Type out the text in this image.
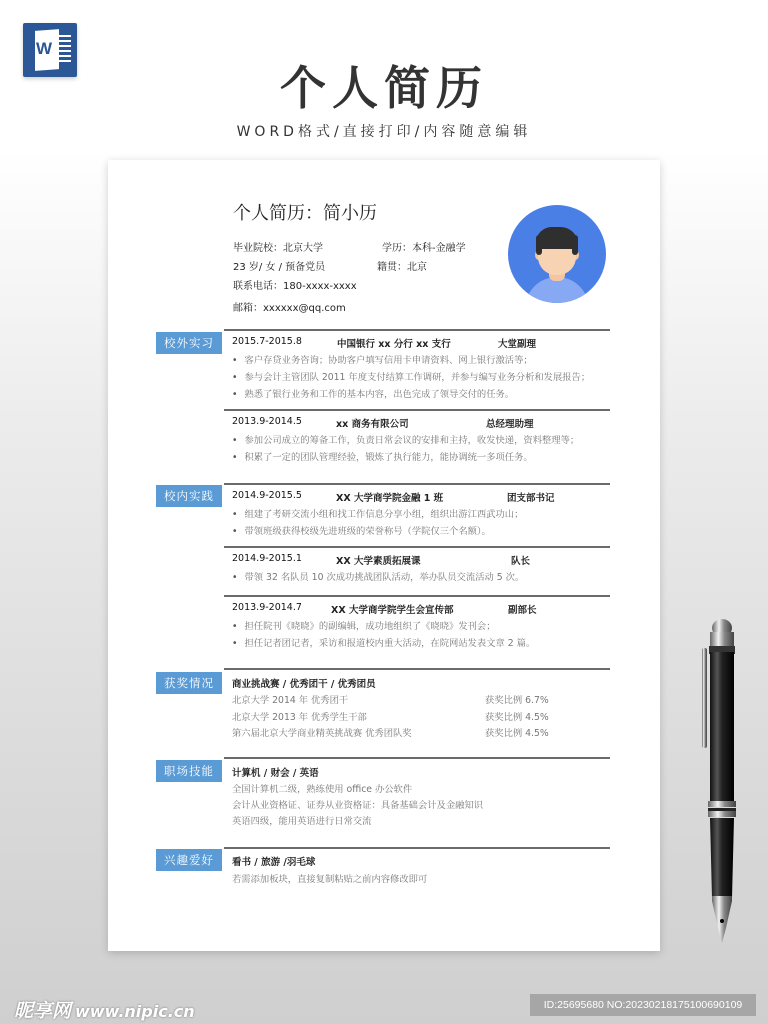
W
个人简历
WORD格式/直接打印/内容随意编辑
个人简历：简小历
毕业院校：北京大学	学历：本科-金融学
23 岁/ 女 / 预备党员	籍贯：北京
联系电话：180-xxxx-xxxx
邮箱：xxxxxx@qq.com
校外实习	2015.7-2015.8	中国银行 xx 分行 xx 支行	大堂副理
• 客户存贷业务咨询；协助客户填写信用卡申请资料、网上银行激活等；
• 参与会计主管团队 2011 年度支付结算工作调研，并参与编写业务分析和发展报告；
• 熟悉了银行业务和工作的基本内容，出色完成了领导交付的任务。
2013.9-2014.5	xx 商务有限公司	总经理助理
• 参加公司成立的筹备工作，负责日常会议的安排和主持，收发快递，资料整理等；
• 积累了一定的团队管理经验，锻炼了执行能力，能协调统一多项任务。
校内实践	2014.9-2015.5	XX 大学商学院金融 1 班	团支部书记
• 组建了考研交流小组和找工作信息分享小组，组织出游江西武功山；
• 带领班级获得校级先进班级的荣誉称号（学院仅三个名额）。
2014.9-2015.1	XX 大学素质拓展课	队长
• 带领 32 名队员 10 次成功挑战团队活动，举办队员交流活动 5 次。
2013.9-2014.7	XX 大学商学院学生会宣传部	副部长
• 担任院刊《晓晓》的副编辑，成功地组织了《晓晓》发刊会；
• 担任记者团记者，采访和报道校内重大活动，在院网站发表文章 2 篇。
获奖情况	商业挑战赛 / 优秀团干 / 优秀团员
北京大学 2014 年 优秀团干	获奖比例 6.7%
北京大学 2013 年 优秀学生干部	获奖比例 4.5%
第六届北京大学商业精英挑战赛 优秀团队奖	获奖比例 4.5%
职场技能	计算机 / 财会 / 英语
全国计算机二级，熟练使用 office 办公软件
会计从业资格证、证券从业资格证：具备基础会计及金融知识
英语四级，能用英语进行日常交流
兴趣爱好	看书 / 旅游 /羽毛球
若需添加板块，直接复制粘贴之前内容修改即可
昵享网 www.nipic.cn	ID:25695680 NO:20230218175100690109
